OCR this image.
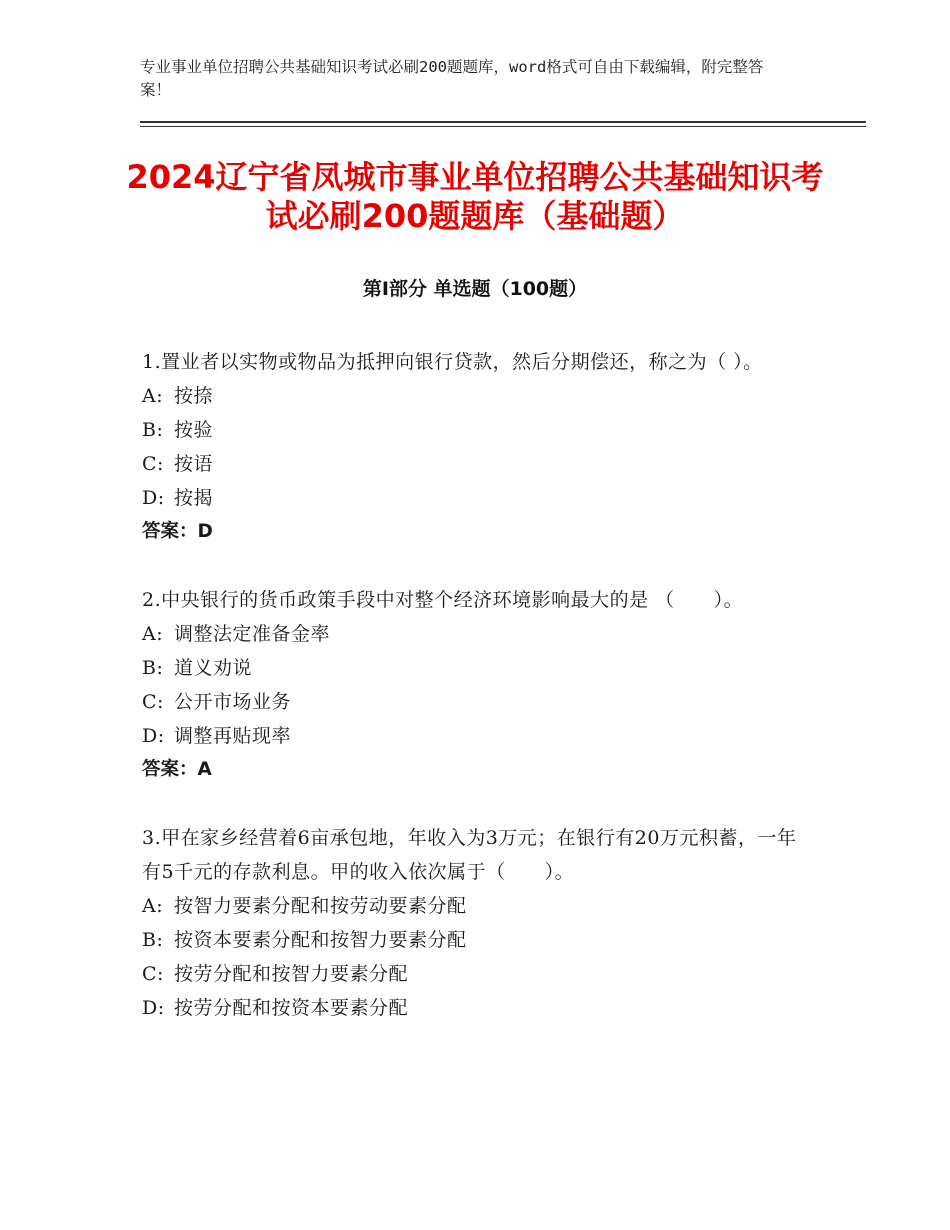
专业事业单位招聘公共基础知识考试必刷200题题库，word格式可自由下载编辑，附完整答案！
2024辽宁省凤城市事业单位招聘公共基础知识考试必刷200题题库（基础题）
第Ⅰ部分 单选题（100题）

1.置业者以实物或物品为抵押向银行贷款，然后分期偿还，称之为（ ）。

A: 按捺

B: 按验

C: 按语

D: 按揭

答案：D

2.中央银行的货币政策手段中对整个经济环境影响最大的是 （　　）。

A: 调整法定准备金率

B: 道义劝说

C: 公开市场业务

D: 调整再贴现率

答案：A

3.甲在家乡经营着6亩承包地，年收入为3万元；在银行有20万元积蓄，一年有5千元的存款利息。甲的收入依次属于（　　）。

A: 按智力要素分配和按劳动要素分配

B: 按资本要素分配和按智力要素分配

C: 按劳分配和按智力要素分配

D: 按劳分配和按资本要素分配
